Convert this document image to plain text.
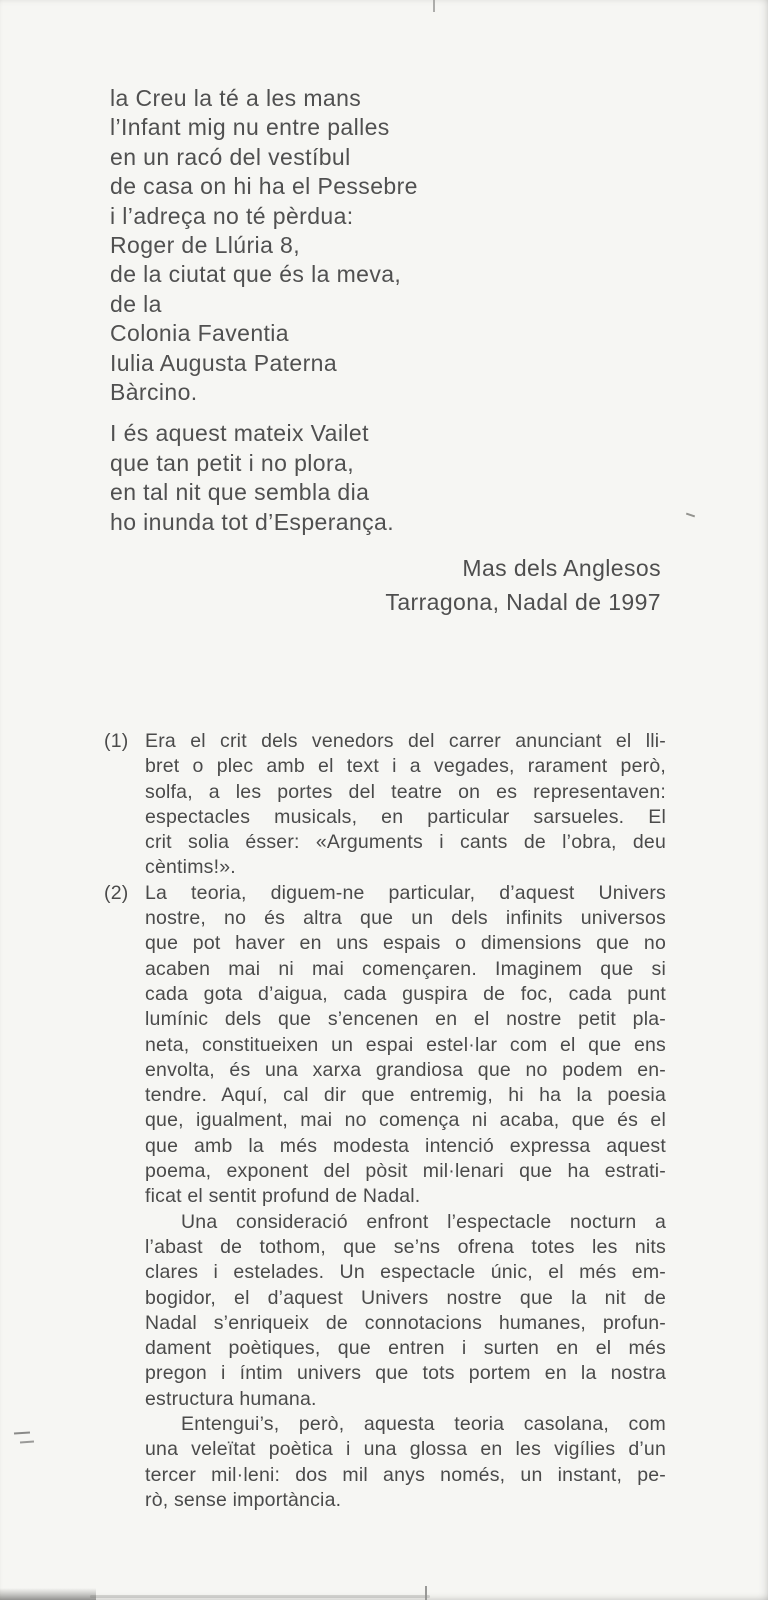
la Creu la té a les mans
l’Infant mig nu entre palles
en un racó del vestíbul
de casa on hi ha el Pessebre
i l’adreça no té pèrdua:
Roger de Llúria 8,
de la ciutat que és la meva,
de la
Colonia Faventia
Iulia Augusta Paterna
Bàrcino.
I és aquest mateix Vailet
que tan petit i no plora,
en tal nit que sembla dia
ho inunda tot d’Esperança.
Mas dels Anglesos
Tarragona, Nadal de 1997
(1) Era el crit dels venedors del carrer anunciant el lli-
bret o plec amb el text i a vegades, rarament però,
solfa, a les portes del teatre on es representaven:
espectacles musicals, en particular sarsueles. El
crit solia ésser: «Arguments i cants de l’obra, deu
cèntims!».
(2) La teoria, diguem-ne particular, d’aquest Univers
nostre, no és altra que un dels infinits universos
que pot haver en uns espais o dimensions que no
acaben mai ni mai començaren. Imaginem que si
cada gota d’aigua, cada guspira de foc, cada punt
lumínic dels que s’encenen en el nostre petit pla-
neta, constitueixen un espai estel·lar com el que ens
envolta, és una xarxa grandiosa que no podem en-
tendre. Aquí, cal dir que entremig, hi ha la poesia
que, igualment, mai no comença ni acaba, que és el
que amb la més modesta intenció expressa aquest
poema, exponent del pòsit mil·lenari que ha estrati-
ficat el sentit profund de Nadal.
Una consideració enfront l’espectacle nocturn a
l’abast de tothom, que se’ns ofrena totes les nits
clares i estelades. Un espectacle únic, el més em-
bogidor, el d’aquest Univers nostre que la nit de
Nadal s’enriqueix de connotacions humanes, profun-
dament poètiques, que entren i surten en el més
pregon i íntim univers que tots portem en la nostra
estructura humana.
Entengui’s, però, aquesta teoria casolana, com
una veleïtat poètica i una glossa en les vigílies d’un
tercer mil·leni: dos mil anys només, un instant, pe-
rò, sense importància.
